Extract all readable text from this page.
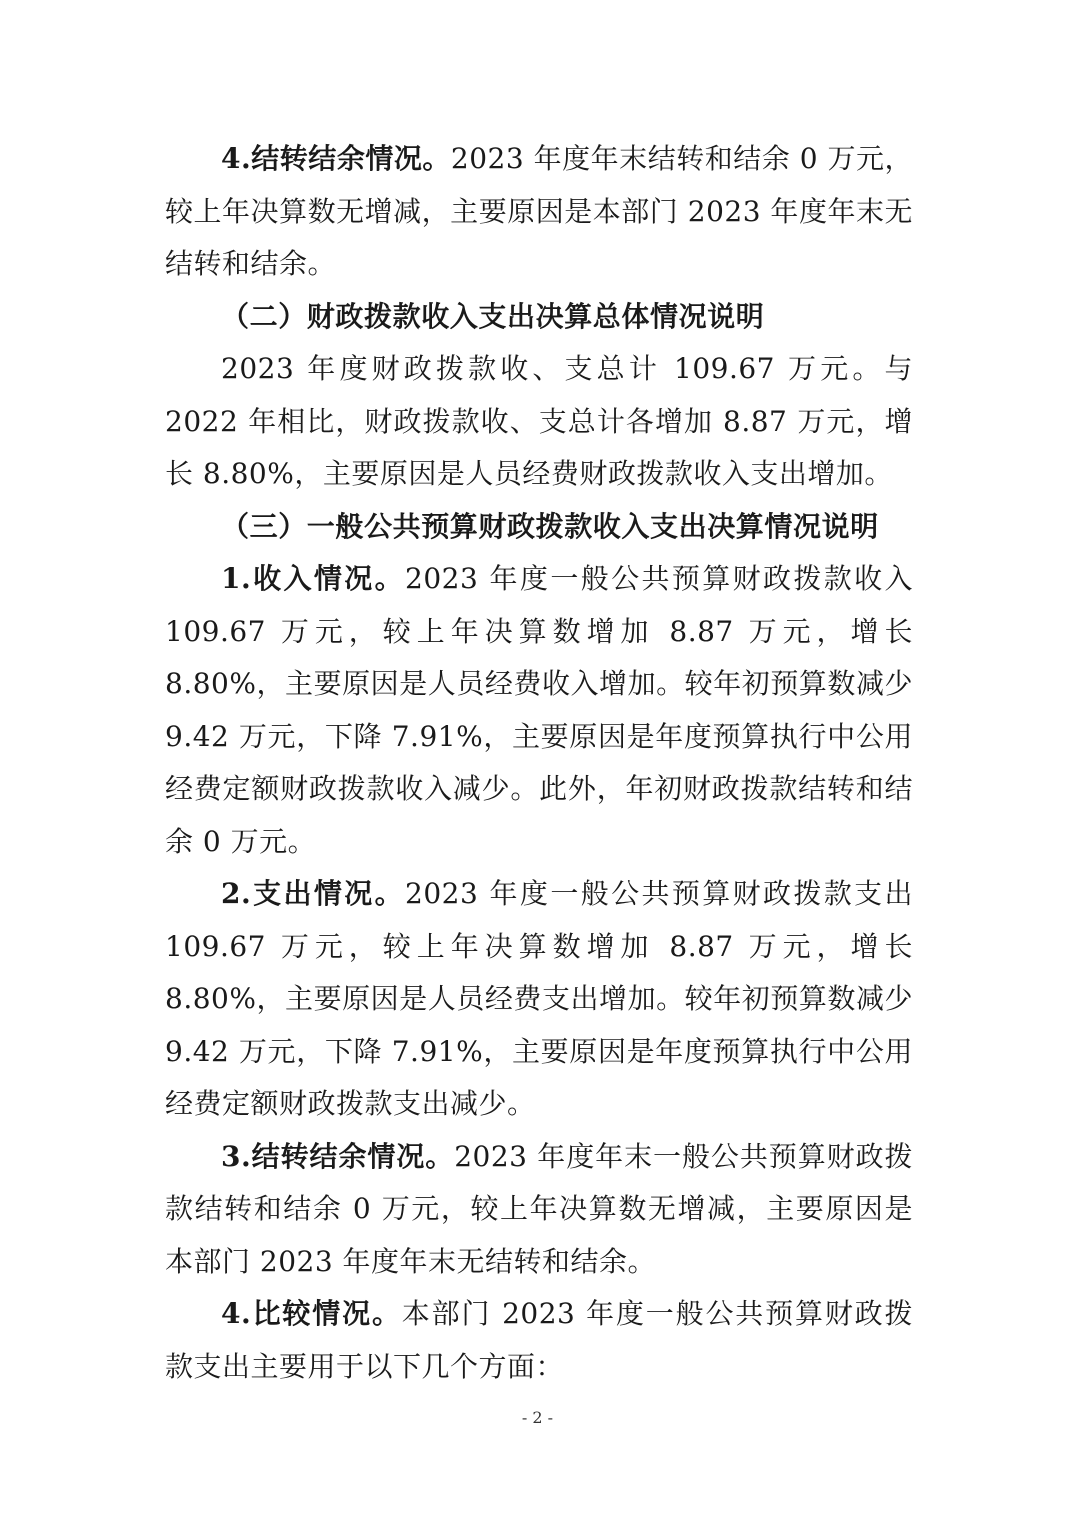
4.结转结余情况。2023 年度年末结转和结余 0 万元，较上年决算数无增减，主要原因是本部门 2023 年度年末无结转和结余。

（二）财政拨款收入支出决算总体情况说明

2023 年度财政拨款收、支总计 109.67 万元。与 2022 年相比，财政拨款收、支总计各增加 8.87 万元，增长 8.80%，主要原因是人员经费财政拨款收入支出增加。

（三）一般公共预算财政拨款收入支出决算情况说明

1.收入情况。2023 年度一般公共预算财政拨款收入 109.67 万元，较上年决算数增加 8.87 万元，增长 8.80%，主要原因是人员经费收入增加。较年初预算数减少 9.42 万元，下降 7.91%，主要原因是年度预算执行中公用经费定额财政拨款收入减少。此外，年初财政拨款结转和结余 0 万元。

2.支出情况。2023 年度一般公共预算财政拨款支出 109.67 万元，较上年决算数增加 8.87 万元，增长 8.80%，主要原因是人员经费支出增加。较年初预算数减少 9.42 万元，下降 7.91%，主要原因是年度预算执行中公用经费定额财政拨款支出减少。

3.结转结余情况。2023 年度年末一般公共预算财政拨款结转和结余 0 万元，较上年决算数无增减，主要原因是本部门 2023 年度年末无结转和结余。

4.比较情况。本部门 2023 年度一般公共预算财政拨款支出主要用于以下几个方面：

- 2 -
